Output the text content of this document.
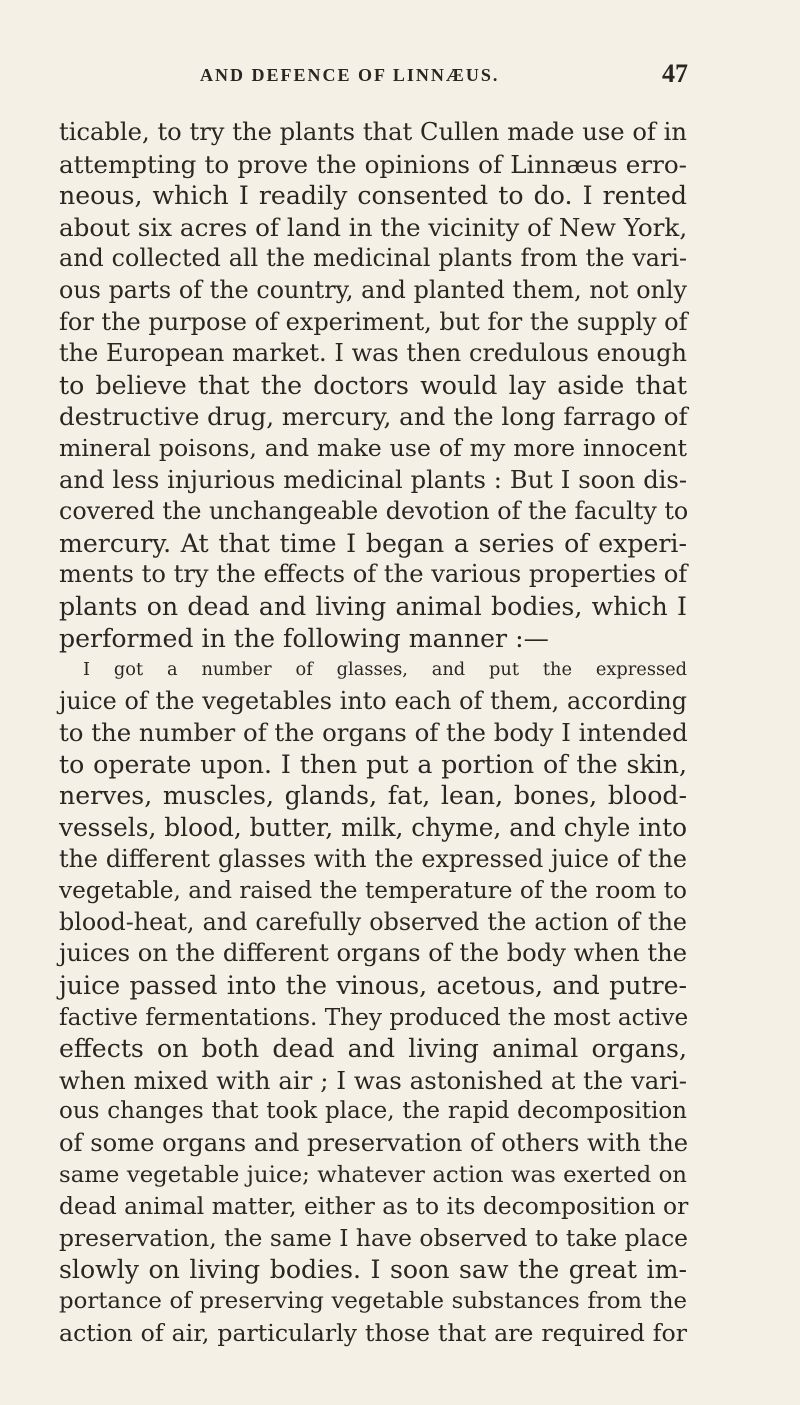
AND DEFENCE OF LINNÆUS.	47
ticable, to try the plants that Cullen made use of in
attempting to prove the opinions of Linnæus erro-
neous, which I readily consented to do. I rented
about six acres of land in the vicinity of New York,
and collected all the medicinal plants from the vari-
ous parts of the country, and planted them, not only
for the purpose of experiment, but for the supply of
the European market. I was then credulous enough
to believe that the doctors would lay aside that
destructive drug, mercury, and the long farrago of
mineral poisons, and make use of my more innocent
and less injurious medicinal plants : But I soon dis-
covered the unchangeable devotion of the faculty to
mercury. At that time I began a series of experi-
ments to try the effects of the various properties of
plants on dead and living animal bodies, which I
performed in the following manner :—
I got a number of glasses, and put the expressed
juice of the vegetables into each of them, according
to the number of the organs of the body I intended
to operate upon. I then put a portion of the skin,
nerves, muscles, glands, fat, lean, bones, blood-
vessels, blood, butter, milk, chyme, and chyle into
the different glasses with the expressed juice of the
vegetable, and raised the temperature of the room to
blood-heat, and carefully observed the action of the
juices on the different organs of the body when the
juice passed into the vinous, acetous, and putre-
factive fermentations. They produced the most active
effects on both dead and living animal organs,
when mixed with air ; I was astonished at the vari-
ous changes that took place, the rapid decomposition
of some organs and preservation of others with the
same vegetable juice; whatever action was exerted on
dead animal matter, either as to its decomposition or
preservation, the same I have observed to take place
slowly on living bodies. I soon saw the great im-
portance of preserving vegetable substances from the
action of air, particularly those that are required for
